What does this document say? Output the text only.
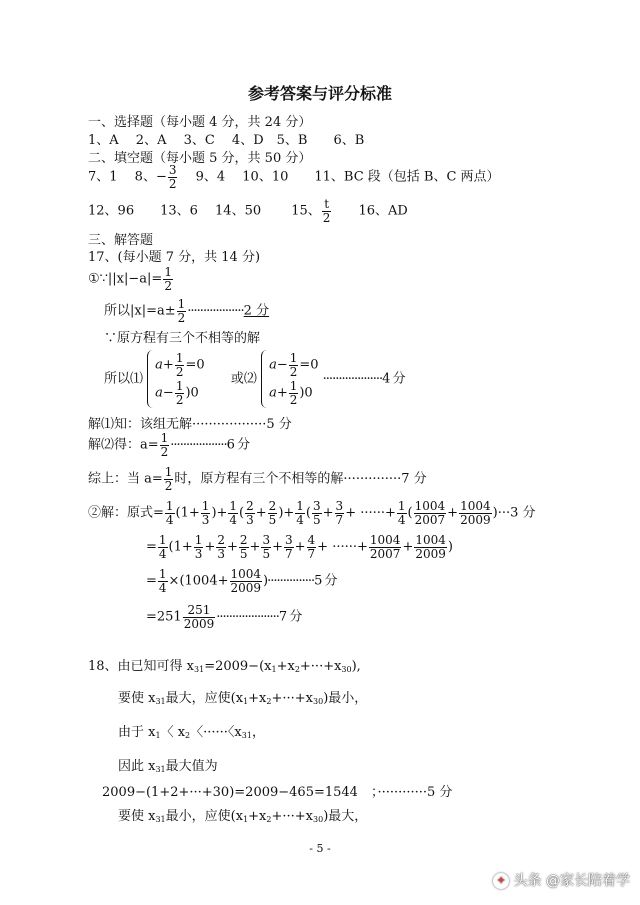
参考答案与评分标准
一、选择题（每小题 4 分，共 24 分）
1、A　 2、A　 3、C　 4、D　5、B　　6、B
二、填空题（每小题 5 分，共 50 分）
7、1　 8、− $\frac{3}{2}$ 　 9、4　 10、10　　11、BC 段（包括 B、C 两点）
12、96　　13、6　 14、50　　 15、 $\frac{t}{2}$ 　　16、AD
三、解答题
17、(每小题 7 分，共 14 分)
①∵||x|−a|= $\frac{1}{2}$
所以$|x|=a\pm \frac{1}{2} \cdot\cdot\cdot\cdot\cdot\cdot\cdot\cdot\cdot\cdot\cdot\cdot\cdot\cdot\cdot\cdot\cdot\cdot 2$ 分
∵原方程有三个不相等的解
所以⑴
$a+ \frac{1}{2} =0$
$a- \frac{1}{2} )0$
或⑵
$a- \frac{1}{2} =0$
$a+ \frac{1}{2} )0$
···················4 分
解⑴知：该组无解··················5 分
解⑵得：$a= \frac{1}{2} \cdot\cdot\cdot\cdot\cdot\cdot\cdot\cdot\cdot\cdot\cdot\cdot\cdot\cdot\cdot\cdot\cdot\cdot 6$ 分
综上：当 $a= \frac{1}{2}$ 时，原方程有三个不相等的解··············7 分
②解：原式= $\frac{1}{4} (1+ \frac{1}{3}$ )+ $\frac{1}{4}$ ( $\frac{2}{3} + \frac{2}{5}$ )+ $\frac{1}{4}$ ( $\frac{3}{5} + \frac{3}{7}$ + ······+ $\frac{1}{4}$ ( $\frac{1004}{2007} + \frac{1004}{2009} )\cdot\cdot\cdot 3$ 分
= $\frac{1}{4} (1+ \frac{1}{3} + \frac{2}{3} + \frac{2}{5} + \frac{3}{5} + \frac{3}{7} + \frac{4}{7}$ + ······+ $\frac{1004}{2007} + \frac{1004}{2009}$ )
= $\frac{1}{4} \times(1004+ \frac{1004}{2009} )\cdot\cdot\cdot\cdot\cdot\cdot\cdot\cdot\cdot\cdot\cdot\cdot\cdot\cdot\cdot 5$ 分
$=251 \frac{251}{2009} \cdot\cdot\cdot\cdot\cdot\cdot\cdot\cdot\cdot\cdot\cdot\cdot\cdot\cdot\cdot\cdot\cdot\cdot\cdot\cdot 7$ 分
18、由已知可得 $x_{31}=2009-(x_1+x_2+\cdot\cdot\cdot+x_{30})$,
要使 $x_{31}$最大，应使$(x_1+x_2+\cdot\cdot\cdot+x_{30})$最小，
由于 $x_1$〈 $x_2$〈······〈$x_{31}$，
因此 $x_{31}$最大值为
2009−(1+2+···+30)=2009−465=1544　；············5 分
要使 $x_{31}$最小，应使$(x_1+x_2+\cdot\cdot\cdot+x_{30})$最大，
- 5 -
✦ 头条 @家长陪着学
